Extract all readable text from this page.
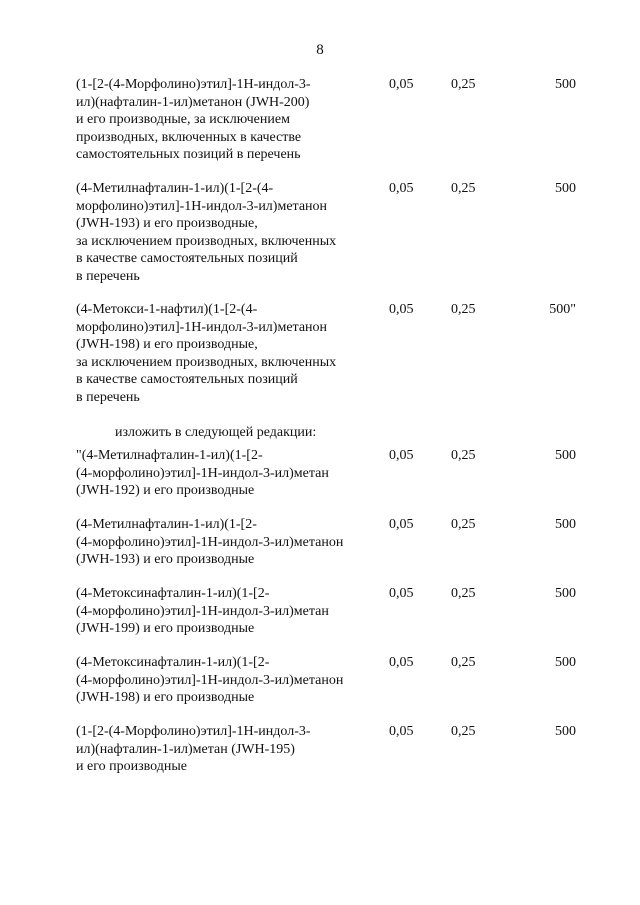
8
(1-[2-(4-Морфолино)этил]-1Н-индол-3-
ил)(нафталин-1-ил)метанон (JWH-200)
и его производные, за исключением
производных, включенных в качестве
самостоятельных позиций в перечень
0,05	0,25	500
(4-Метилнафталин-1-ил)(1-[2-(4-
морфолино)этил]-1Н-индол-3-ил)метанон
(JWH-193) и его производные,
за исключением производных, включенных
в качестве самостоятельных позиций
в перечень
0,05	0,25	500
(4-Метокси-1-нафтил)(1-[2-(4-
морфолино)этил]-1Н-индол-3-ил)метанон
(JWH-198) и его производные,
за исключением производных, включенных
в качестве самостоятельных позиций
в перечень
0,05	0,25	500"
изложить в следующей редакции:
"(4-Метилнафталин-1-ил)(1-[2-
(4-морфолино)этил]-1Н-индол-3-ил)метан
(JWH-192) и его производные
0,05	0,25	500
(4-Метилнафталин-1-ил)(1-[2-
(4-морфолино)этил]-1Н-индол-3-ил)метанон
(JWH-193) и его производные
0,05	0,25	500
(4-Метоксинафталин-1-ил)(1-[2-
(4-морфолино)этил]-1Н-индол-3-ил)метан
(JWH-199) и его производные
0,05	0,25	500
(4-Метоксинафталин-1-ил)(1-[2-
(4-морфолино)этил]-1Н-индол-3-ил)метанон
(JWH-198) и его производные
0,05	0,25	500
(1-[2-(4-Морфолино)этил]-1Н-индол-3-
ил)(нафталин-1-ил)метан (JWH-195)
и его производные
0,05	0,25	500
